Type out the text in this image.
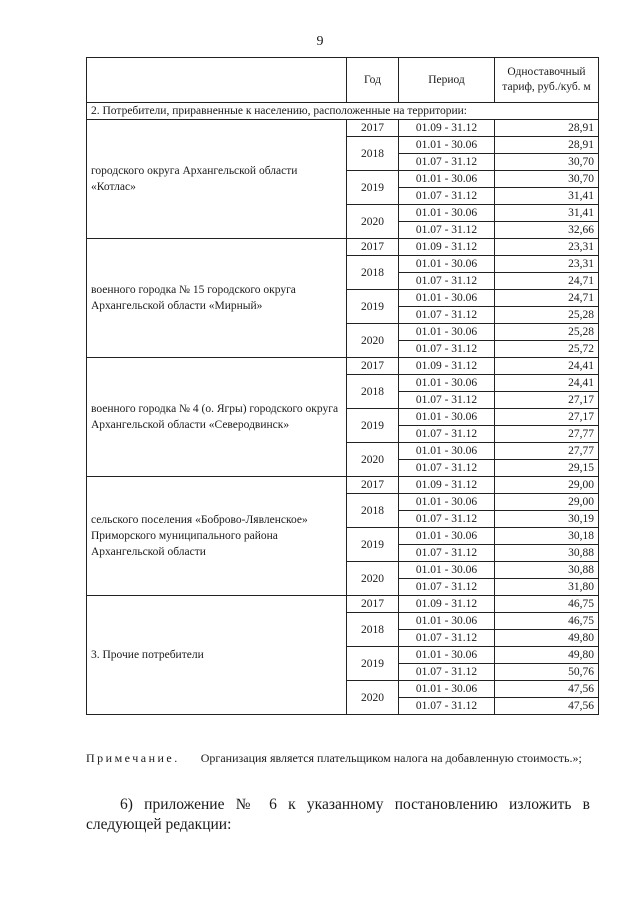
9
	Год	Период	Одноставочный тариф, руб./куб. м
2. Потребители, приравненные к населению, расположенные на территории:			
городского округа Архангельской области «Котлас»	2017	01.09 - 31.12	28,91
	2018	01.01 - 30.06	28,91
		01.07 - 31.12	30,70
	2019	01.01 - 30.06	30,70
		01.07 - 31.12	31,41
	2020	01.01 - 30.06	31,41
		01.07 - 31.12	32,66
военного городка № 15 городского округа Архангельской области «Мирный»	2017	01.09 - 31.12	23,31
	2018	01.01 - 30.06	23,31
		01.07 - 31.12	24,71
	2019	01.01 - 30.06	24,71
		01.07 - 31.12	25,28
	2020	01.01 - 30.06	25,28
		01.07 - 31.12	25,72
военного городка № 4 (о. Ягры) городского округа Архангельской области «Северодвинск»	2017	01.09 - 31.12	24,41
	2018	01.01 - 30.06	24,41
		01.07 - 31.12	27,17
	2019	01.01 - 30.06	27,17
		01.07 - 31.12	27,77
	2020	01.01 - 30.06	27,77
		01.07 - 31.12	29,15
сельского поселения «Боброво-Лявленское» Приморского муниципального района Архангельской области	2017	01.09 - 31.12	29,00
	2018	01.01 - 30.06	29,00
		01.07 - 31.12	30,19
	2019	01.01 - 30.06	30,18
		01.07 - 31.12	30,88
	2020	01.01 - 30.06	30,88
		01.07 - 31.12	31,80
3. Прочие потребители	2017	01.09 - 31.12	46,75
	2018	01.01 - 30.06	46,75
		01.07 - 31.12	49,80
	2019	01.01 - 30.06	49,80
		01.07 - 31.12	50,76
	2020	01.01 - 30.06	47,56
		01.07 - 31.12	47,56
Примечание. Организация является плательщиком налога на добавленную стоимость.»;
6) приложение № 6 к указанному постановлению изложить в следующей редакции:
